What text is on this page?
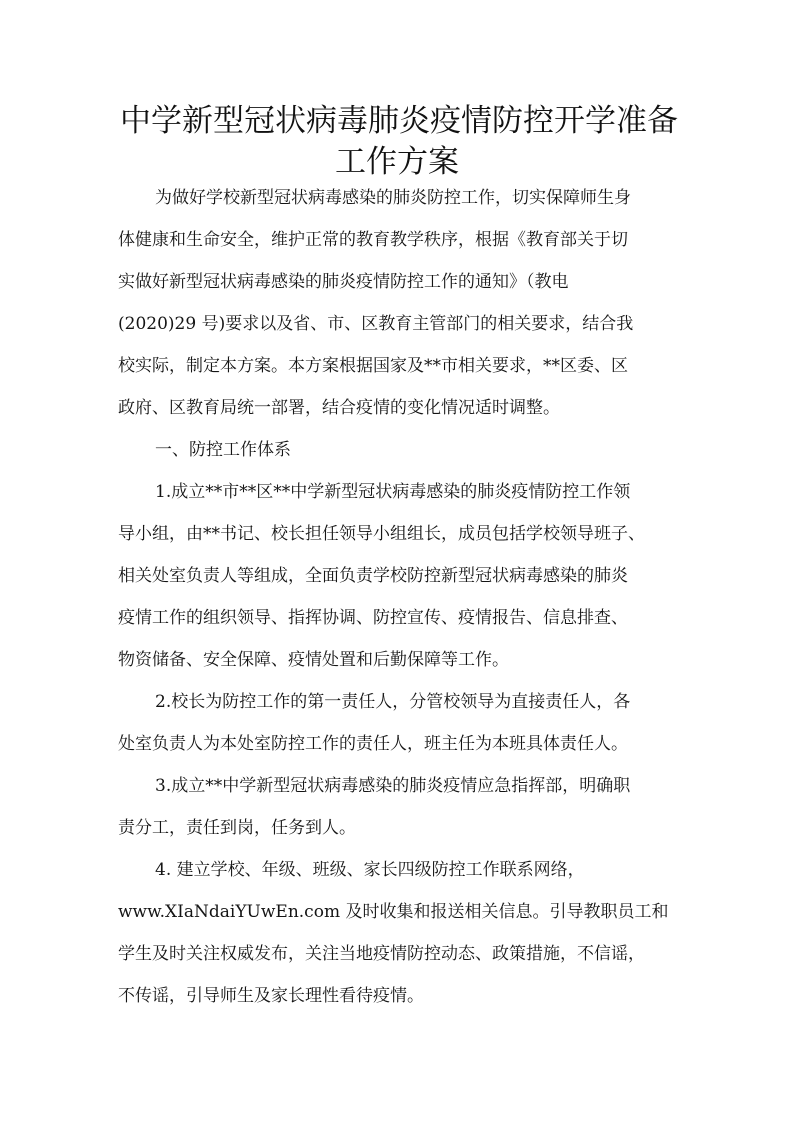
中学新型冠状病毒肺炎疫情防控开学准备
工作方案
为做好学校新型冠状病毒感染的肺炎防控工作，切实保障师生身
体健康和生命安全，维护正常的教育教学秩序，根据《教育部关于切
实做好新型冠状病毒感染的肺炎疫情防控工作的通知》（教电
(2020)29 号)要求以及省、市、区教育主管部门的相关要求，结合我
校实际，制定本方案。本方案根据国家及**市相关要求，**区委、区
政府、区教育局统一部署，结合疫情的变化情况适时调整。
一、防控工作体系
1.成立**市**区**中学新型冠状病毒感染的肺炎疫情防控工作领
导小组，由**书记、校长担任领导小组组长，成员包括学校领导班子、
相关处室负责人等组成，全面负责学校防控新型冠状病毒感染的肺炎
疫情工作的组织领导、指挥协调、防控宣传、疫情报告、信息排查、
物资储备、安全保障、疫情处置和后勤保障等工作。
2.校长为防控工作的第一责任人，分管校领导为直接责任人，各
处室负责人为本处室防控工作的责任人，班主任为本班具体责任人。
3.成立**中学新型冠状病毒感染的肺炎疫情应急指挥部，明确职
责分工，责任到岗，任务到人。
4. 建立学校、年级、班级、家长四级防控工作联系网络，
www.XIaNdaiYUwEn.com 及时收集和报送相关信息。引导教职员工和
学生及时关注权威发布，关注当地疫情防控动态、政策措施，不信谣，
不传谣，引导师生及家长理性看待疫情。
